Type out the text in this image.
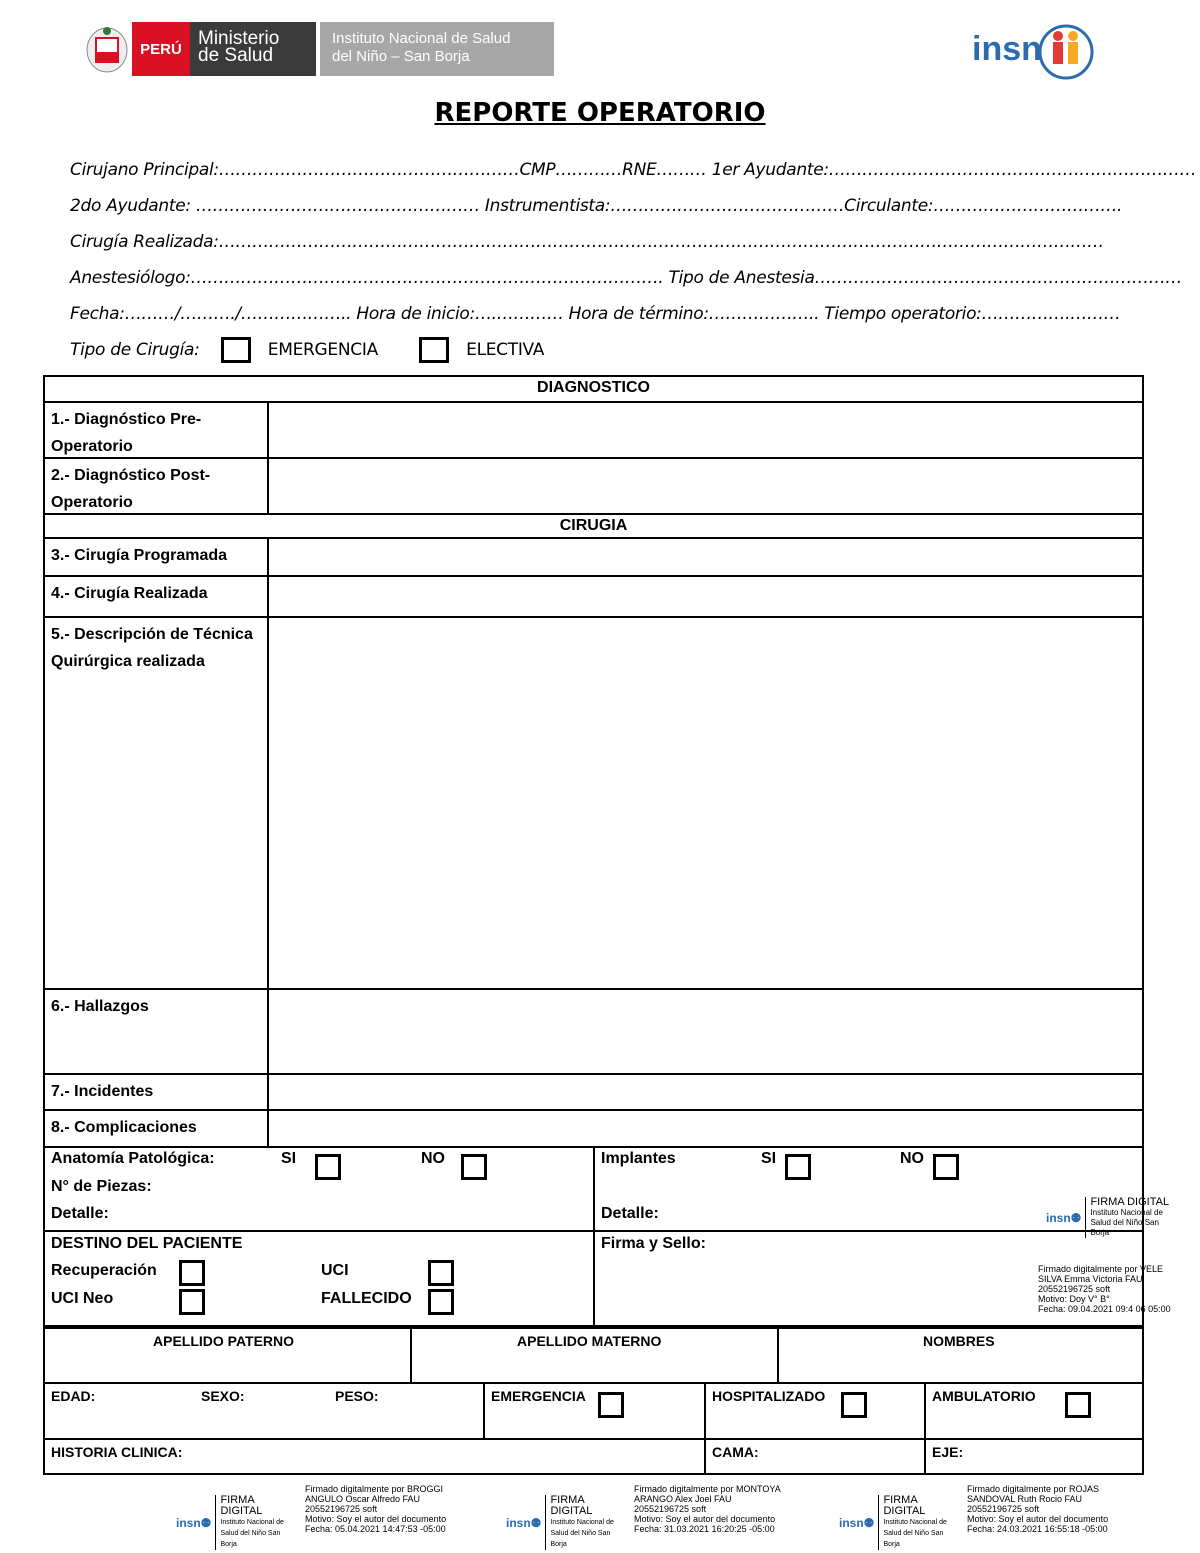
PERÚ Ministerio
de Salud
Instituto Nacional de Salud
del Niño – San Borja	insn
REPORTE OPERATORIO
Cirujano Principal:………………………………………………CMP…………RNE……… 1er Ayudante:…………………………………………………………
2do Ayudante: …………………………………………… Instrumentista:……………………………………Circulante:…………………………….
Cirugía Realizada:……………………………………………………………………………………………………………………………………………
Anestesiólogo:…………………………………………………………………………. Tipo de Anestesia…………………………………………………………
Fecha:………/………./……………….. Hora de inicio:….………… Hora de término:……………….. Tiempo operatorio:…………….………
Tipo de Cirugía:	EMERGENCIA	ELECTIVA
DIAGNOSTICO
1.- Diagnóstico Pre-Operatorio
2.- Diagnóstico Post-Operatorio
CIRUGIA
3.- Cirugía Programada
4.- Cirugía Realizada
5.- Descripción de Técnica Quirúrgica realizada
6.- Hallazgos
7.- Incidentes
8.- Complicaciones
Anatomía Patológica:	SI	NO
N° de Piezas:
Detalle:
Implantes	SI	NO
Detalle:
DESTINO DEL PACIENTE
Recuperación	UCI
UCI Neo	FALLECIDO
Firma y Sello:
APELLIDO PATERNO	APELLIDO MATERNO	NOMBRES
EDAD:	SEXO:	PESO:	EMERGENCIA	HOSPITALIZADO	AMBULATORIO
HISTORIA CLINICA:	CAMA:	EJE:
insn⚉
FIRMA DIGITAL
Instituto Nacional de Salud del Niño San Borja
Firmado digitalmente por VELE
SILVA Emma Victoria FAU
20552196725 soft
Motivo: Doy V° B°
Fecha: 09.04.2021 09:4 06 05:00
insn⚉
FIRMA DIGITAL
Instituto Nacional de Salud del Niño San Borja
Firmado digitalmente por BROGGI
ANGULO Oscar Alfredo FAU
20552196725 soft
Motivo: Soy el autor del documento
Fecha: 05.04.2021 14:47:53 -05:00	insn⚉
FIRMA DIGITAL
Instituto Nacional de Salud del Niño San Borja
Firmado digitalmente por MONTOYA
ARANGO Alex Joel FAU
20552196725 soft
Motivo: Soy el autor del documento
Fecha: 31.03.2021 16:20:25 -05:00	insn⚉
FIRMA DIGITAL
Instituto Nacional de Salud del Niño San Borja
Firmado digitalmente por ROJAS
SANDOVAL Ruth Rocio FAU
20552196725 soft
Motivo: Soy el autor del documento
Fecha: 24.03.2021 16:55:18 -05:00
